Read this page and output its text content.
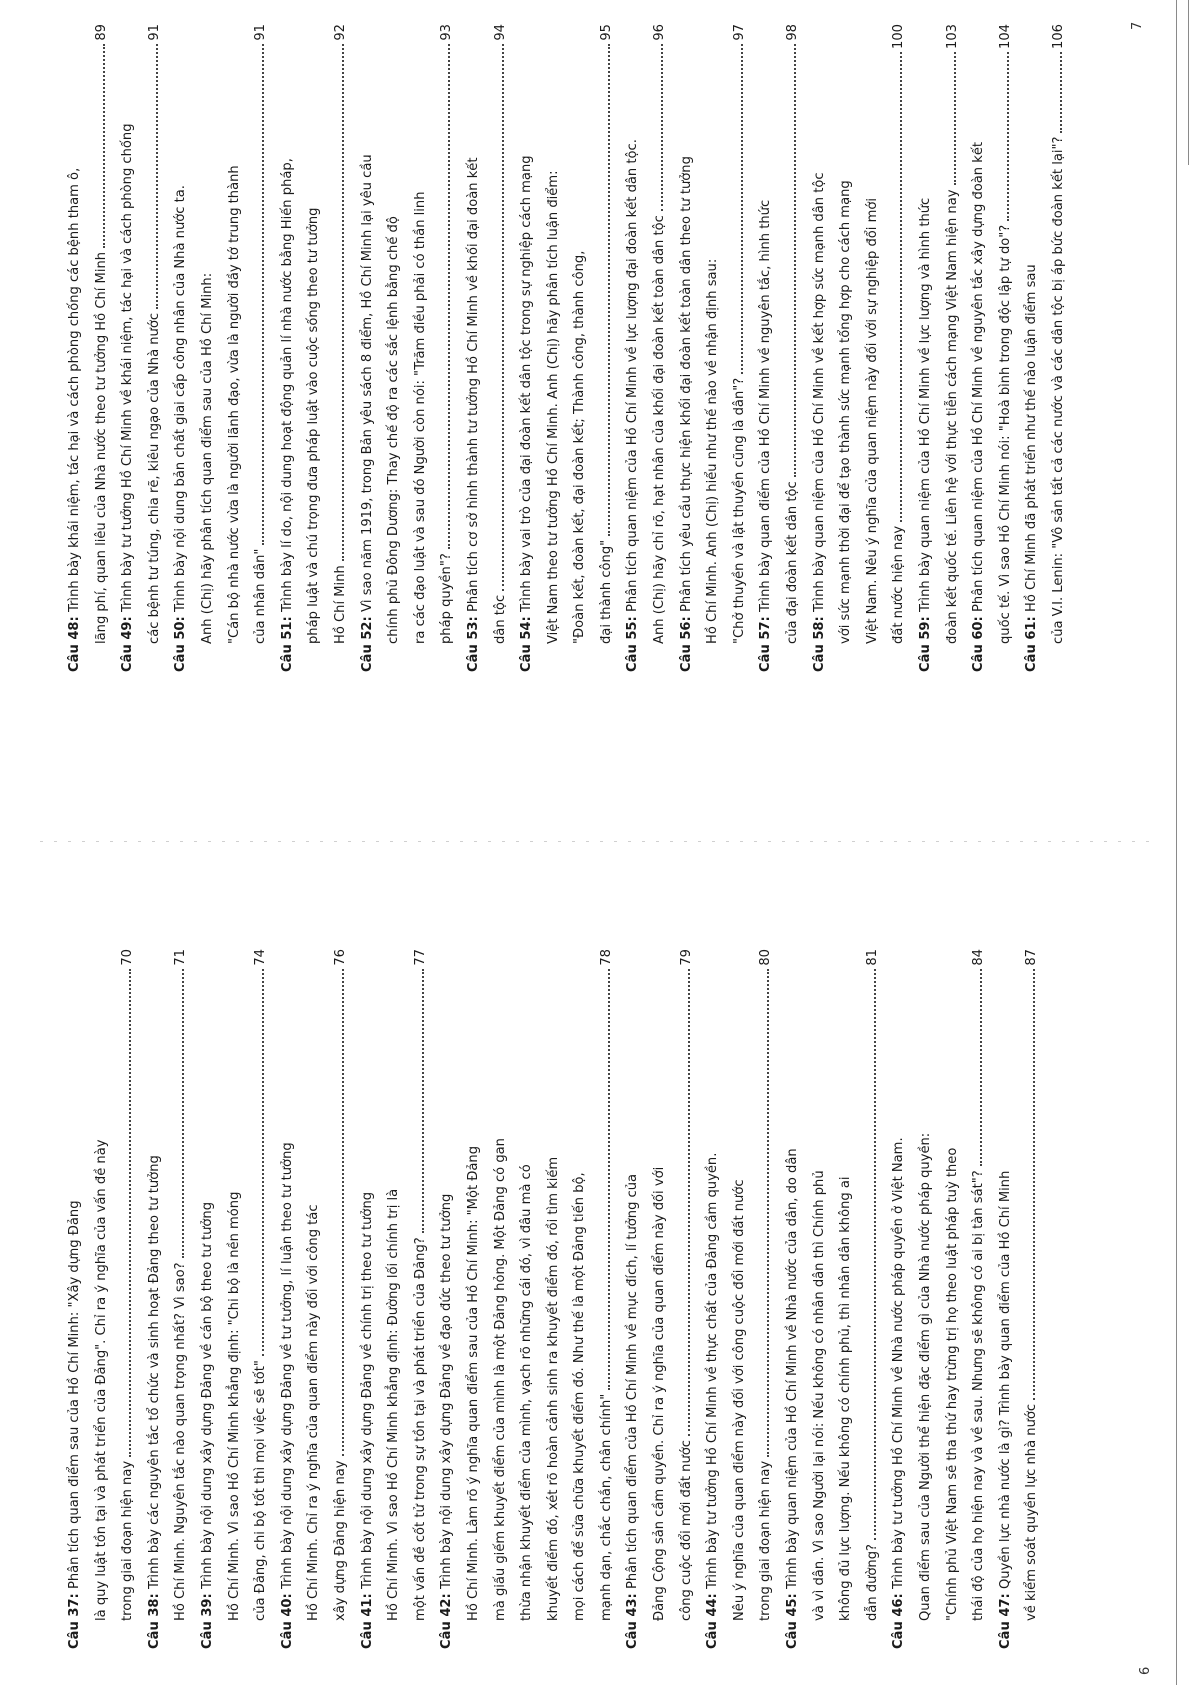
Câu 37: Phân tích quan điểm sau của Hồ Chí Minh: "Xây dựng Đảng là quy luật tồn tại và phát triển của Đảng". Chỉ ra ý nghĩa của vấn đề này trong giai đoạn hiện nay
70
Câu 38: Trình bày các nguyên tắc tổ chức và sinh hoạt Đảng theo tư tưởng Hồ Chí Minh. Nguyên tắc nào quan trọng nhất? Vì sao?
71
Câu 39: Trình bày nội dung xây dựng Đảng về cán bộ theo tư tưởng Hồ Chí Minh. Vì sao Hồ Chí Minh khẳng định: "Chi bộ là nền móng của Đảng, chi bộ tốt thì mọi việc sẽ tốt"
74
Câu 40: Trình bày nội dung xây dựng Đảng về tư tưởng, lí luận theo tư tưởng Hồ Chí Minh. Chỉ ra ý nghĩa của quan điểm này đối với công tác xây dựng Đảng hiện nay
76
Câu 41: Trình bày nội dung xây dựng Đảng về chính trị theo tư tưởng Hồ Chí Minh. Vì sao Hồ Chí Minh khẳng định: Đường lối chính trị là một vấn đề cốt tử trong sự tồn tại và phát triển của Đảng?
77
Câu 42: Trình bày nội dung xây dựng Đảng về đạo đức theo tư tưởng Hồ Chí Minh. Làm rõ ý nghĩa quan điểm sau của Hồ Chí Minh: "Một Đảng mà giấu giếm khuyết điểm của mình là một Đảng hỏng. Một Đảng có gan thừa nhận khuyết điểm của mình, vạch rõ những cái đó, vì đâu mà có khuyết điểm đó, xét rõ hoàn cảnh sinh ra khuyết điểm đó, rồi tìm kiếm mọi cách để sửa chữa khuyết điểm đó. Như thế là một Đảng tiến bộ, mạnh dạn, chắc chắn, chân chính"
78
Câu 43: Phân tích quan điểm của Hồ Chí Minh về mục đích, lí tưởng của Đảng Cộng sản cầm quyền. Chỉ ra ý nghĩa của quan điểm này đối với công cuộc đổi mới đất nước
79
Câu 44: Trình bày tư tưởng Hồ Chí Minh về thực chất của Đảng cầm quyền. Nêu ý nghĩa của quan điểm này đối với công cuộc đổi mới đất nước trong giai đoạn hiện nay
80
Câu 45: Trình bày quan niệm của Hồ Chí Minh về Nhà nước của dân, do dân và vì dân. Vì sao Người lại nói: Nếu không có nhân dân thì Chính phủ không đủ lực lượng. Nếu không có chính phủ, thì nhân dân không ai dẫn đường?
81
Câu 46: Trình bày tư tưởng Hồ Chí Minh về Nhà nước pháp quyền ở Việt Nam. Quan điểm sau của Người thể hiện đặc điểm gì của Nhà nước pháp quyền: "Chính phủ Việt Nam sẽ tha thứ hay trừng trị họ theo luật pháp tuỳ theo thái độ của họ hiện nay và về sau. Nhưng sẽ không có ai bị tàn sát"?
84
Câu 47: Quyền lực nhà nước là gì? Trình bày quan điểm của Hồ Chí Minh về kiểm soát quyền lực nhà nước
87
Câu 48: Trình bày khái niệm, tác hại và cách phòng chống các bệnh tham ô, lãng phí, quan liêu của Nhà nước theo tư tưởng Hồ Chí Minh
89
Câu 49: Trình bày tư tưởng Hồ Chí Minh về khái niệm, tác hại và cách phòng chống các bệnh tư túng, chia rẽ, kiêu ngạo của Nhà nước
91
Câu 50: Trình bày nội dung bản chất giai cấp công nhân của Nhà nước ta. Anh (Chị) hãy phân tích quan điểm sau của Hồ Chí Minh: "Cán bộ nhà nước vừa là người lãnh đạo, vừa là người đầy tớ trung thành của nhân dân"
91
Câu 51: Trình bày lí do, nội dung hoạt động quản lí nhà nước bằng Hiến pháp, pháp luật và chú trọng đưa pháp luật vào cuộc sống theo tư tưởng Hồ Chí Minh
92
Câu 52: Vì sao năm 1919, trong Bản yêu sách 8 điểm, Hồ Chí Minh lại yêu cầu chính phủ Đông Dương: Thay chế độ ra các sắc lệnh bằng chế độ ra các đạo luật và sau đó Người còn nói: "Trăm điều phải có thần linh pháp quyền"?
93
Câu 53: Phân tích cơ sở hình thành tư tưởng Hồ Chí Minh về khối đại đoàn kết
dân tộc
94
Câu 54: Trình bày vai trò của đại đoàn kết dân tộc trong sự nghiệp cách mạng Việt Nam theo tư tưởng Hồ Chí Minh. Anh (Chị) hãy phân tích luận điểm: "Đoàn kết, đoàn kết, đại đoàn kết; Thành công, thành công, đại thành công"
95
Câu 55: Phân tích quan niệm của Hồ Chí Minh về lực lượng đại đoàn kết dân tộc. Anh (Chị) hãy chỉ rõ, hạt nhân của khối đại đoàn kết toàn dân tộc
96
Câu 56: Phân tích yêu cầu thực hiện khối đại đoàn kết toàn dân theo tư tưởng Hồ Chí Minh. Anh (Chị) hiểu như thế nào về nhận định sau: "Chở thuyền và lật thuyền cũng là dân"?
97
Câu 57: Trình bày quan điểm của Hồ Chí Minh về nguyên tắc, hình thức của đại đoàn kết dân tộc
98
Câu 58: Trình bày quan niệm của Hồ Chí Minh về kết hợp sức mạnh dân tộc với sức mạnh thời đại để tạo thành sức mạnh tổng hợp cho cách mạng Việt Nam. Nêu ý nghĩa của quan niệm này đối với sự nghiệp đổi mới đất nước hiện nay
100
Câu 59: Trình bày quan niệm của Hồ Chí Minh về lực lượng và hình thức đoàn kết quốc tế. Liên hệ với thực tiễn cách mạng Việt Nam hiện nay
103
Câu 60: Phân tích quan niệm của Hồ Chí Minh về nguyên tắc xây dựng đoàn kết quốc tế. Vì sao Hồ Chí Minh nói: "Hoà bình trong độc lập tự do"?
104
Câu 61: Hồ Chí Minh đã phát triển như thế nào luận điểm sau của V.I. Lenin: "Vô sản tất cả các nước và các dân tộc bị áp bức đoàn kết lại"?
106
6
7
